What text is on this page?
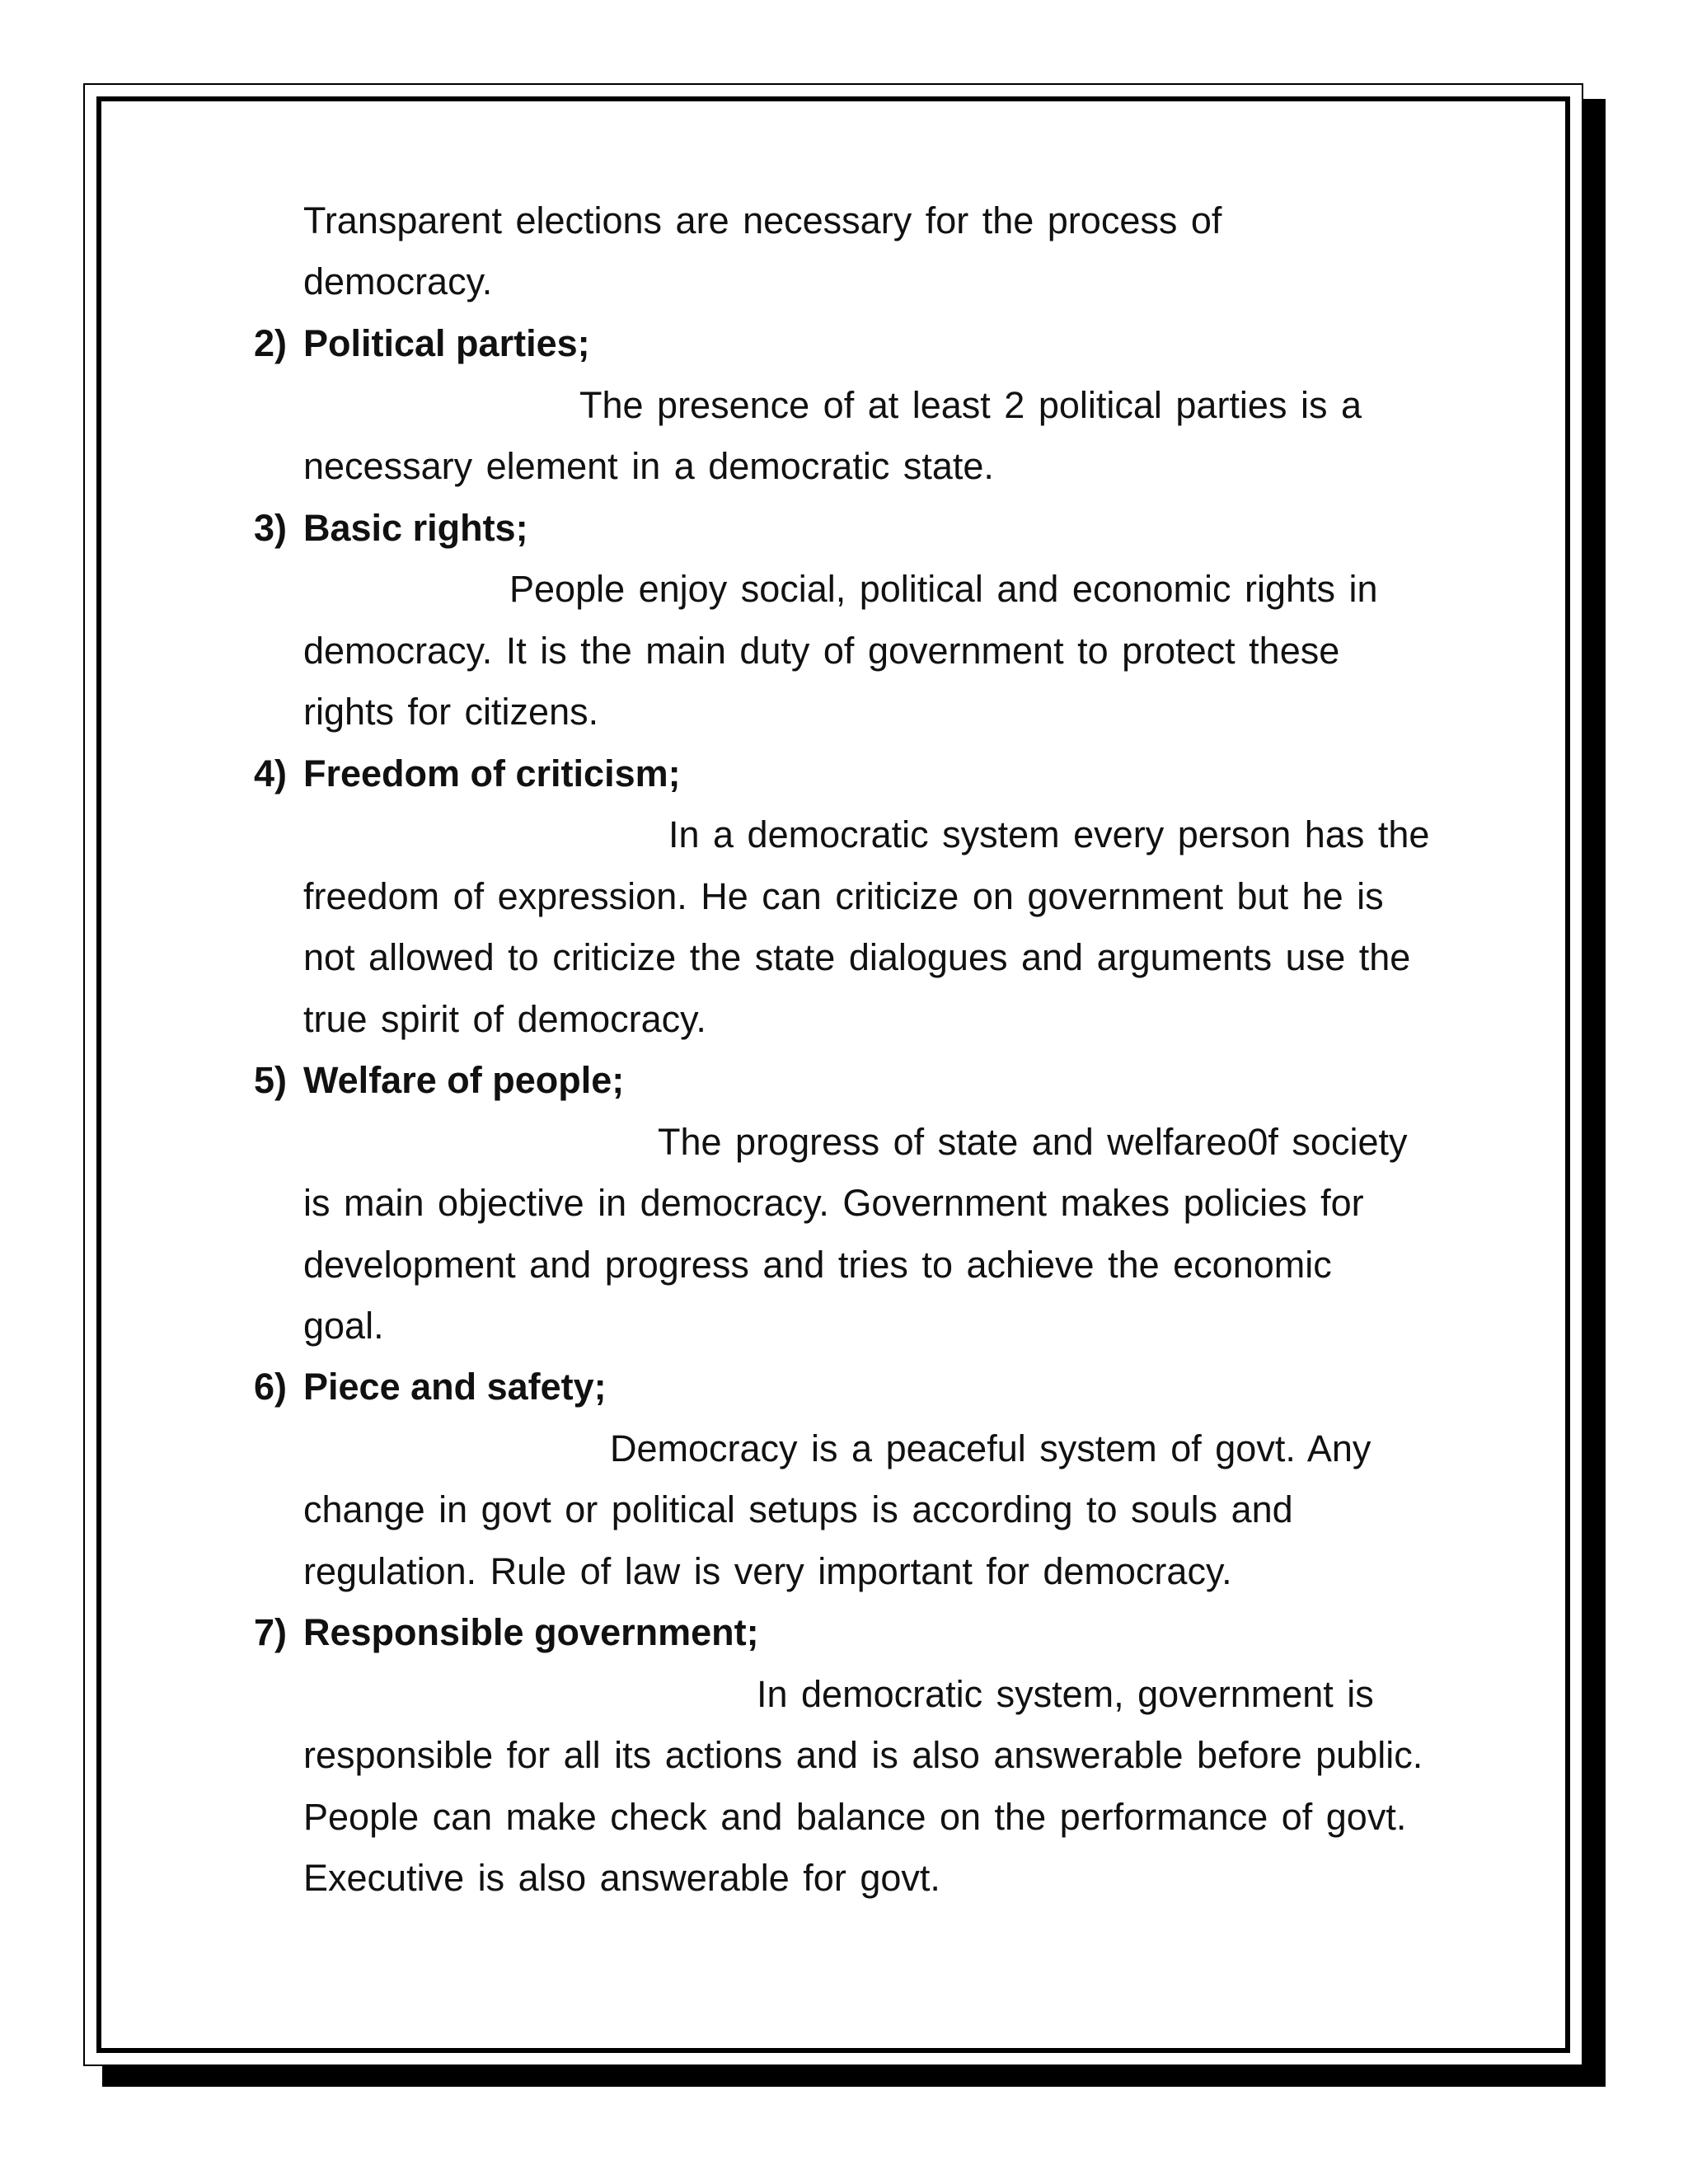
Transparent elections are necessary for the process of
democracy.
2) Political parties;
The presence of at least 2 political parties is a
necessary element in a democratic state.
3) Basic rights;
People enjoy social, political and economic rights in
democracy. It is the main duty of government to protect these
rights for citizens.
4) Freedom of criticism;
In a democratic system every person has the
freedom of expression. He can criticize on government but he is
not allowed to criticize the state dialogues and arguments use the
true spirit of democracy.
5) Welfare of people;
The progress of state and welfareo0f society
is main objective in democracy. Government makes policies for
development and progress and tries to achieve the economic
goal.
6) Piece and safety;
Democracy is a peaceful system of govt. Any
change in govt or political setups is according to souls and
regulation. Rule of law is very important for democracy.
7) Responsible government;
In democratic system, government is
responsible for all its actions and is also answerable before public.
People can make check and balance on the performance of govt.
Executive is also answerable for govt.
